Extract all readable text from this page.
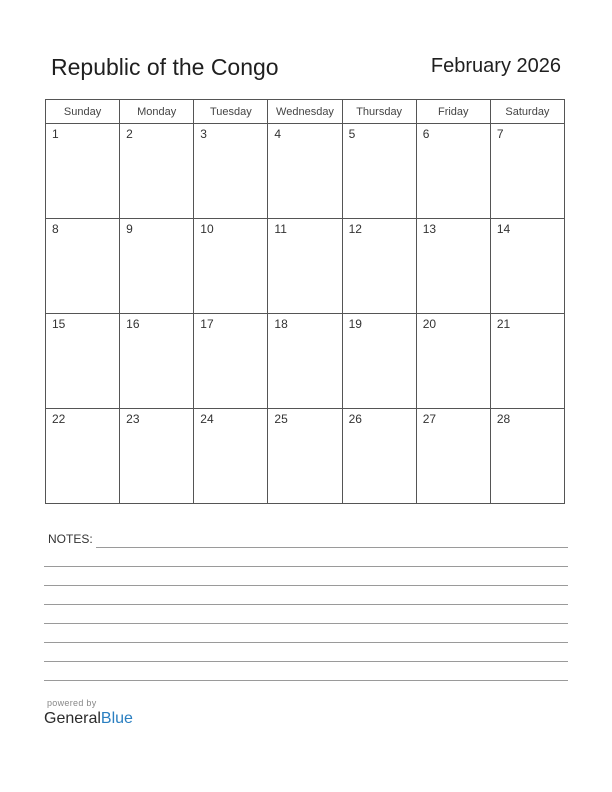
Republic of the Congo	February 2026
Sunday	Monday	Tuesday	Wednesday	Thursday	Friday	Saturday

1	2	3	4	5	6	7

8	9	10	11	12	13	14

15	16	17	18	19	20	21

22	23	24	25	26	27	28
NOTES:
powered by
GeneralBlue
